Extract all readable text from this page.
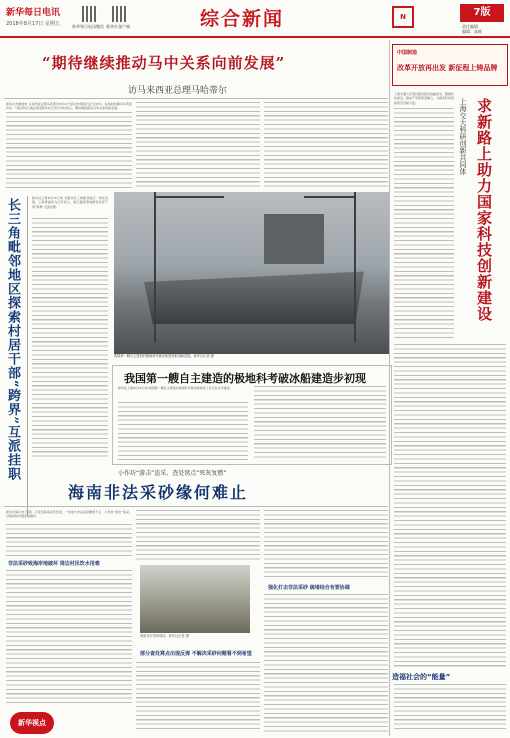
新华每日电讯
2018年8月17日 星期五	新华每日电讯微信 新华社客户端	综合新闻	N	7版
责任编辑
编辑：高辉
“期待继续推动马中关系向前发展”
访马来西亚总理马哈蒂尔
新华社吉隆坡电 马来西亚总理马哈蒂尔8月17日将对中国进行正式访问。这是他时隔多年再度访华。马哈蒂尔日前在接受新华社记者专访时表示，期待继续推动马中关系向前发展。
长三角毗邻地区探索村居干部“跨界”互派挂职	新华社上海8月16日电 为推动长三角毗邻地区一体化发展，上海青浦区与江苏昆山、浙江嘉善等地探索村居干部“跨界”互派挂职。
我国第一艘自主建造的极地科考破冰船建造取得新进展。新华社记者 摄
我国第一艘自主建造的极地科考破冰船建造步初现
新华社上海8月16日电 我国第一艘自主建造的极地科考破冰船建造工作正在有序推进。
小作坊“游击”盗采、查处窝点“死灰复燃”
海南非法采砂缘何难止
新华社海口电 近期，记者在海南采访发现，一些地方非法采砂屡禁不止，小作坊“游击”盗采，对海岸和河道造成破坏。
非法采砂致海岸地破坏 周边村民饮水用难
海南非法采砂现场。新华社记者 摄
部分查处窝点出现反弹 不解决采砂问题看不到希望
强化打击非法采砂 疏堵结合有要协调
中国制造
改革开放再出发 新征程上铸品牌
求新路上助力国家科技创新建设
上海交大科研创新共同体
上海交通大学坚持服务国家战略需求，聚焦科技前沿，推动产学研深度融合，为国家科技创新建设贡献力量。
造福社会的“能量”
新华视点
